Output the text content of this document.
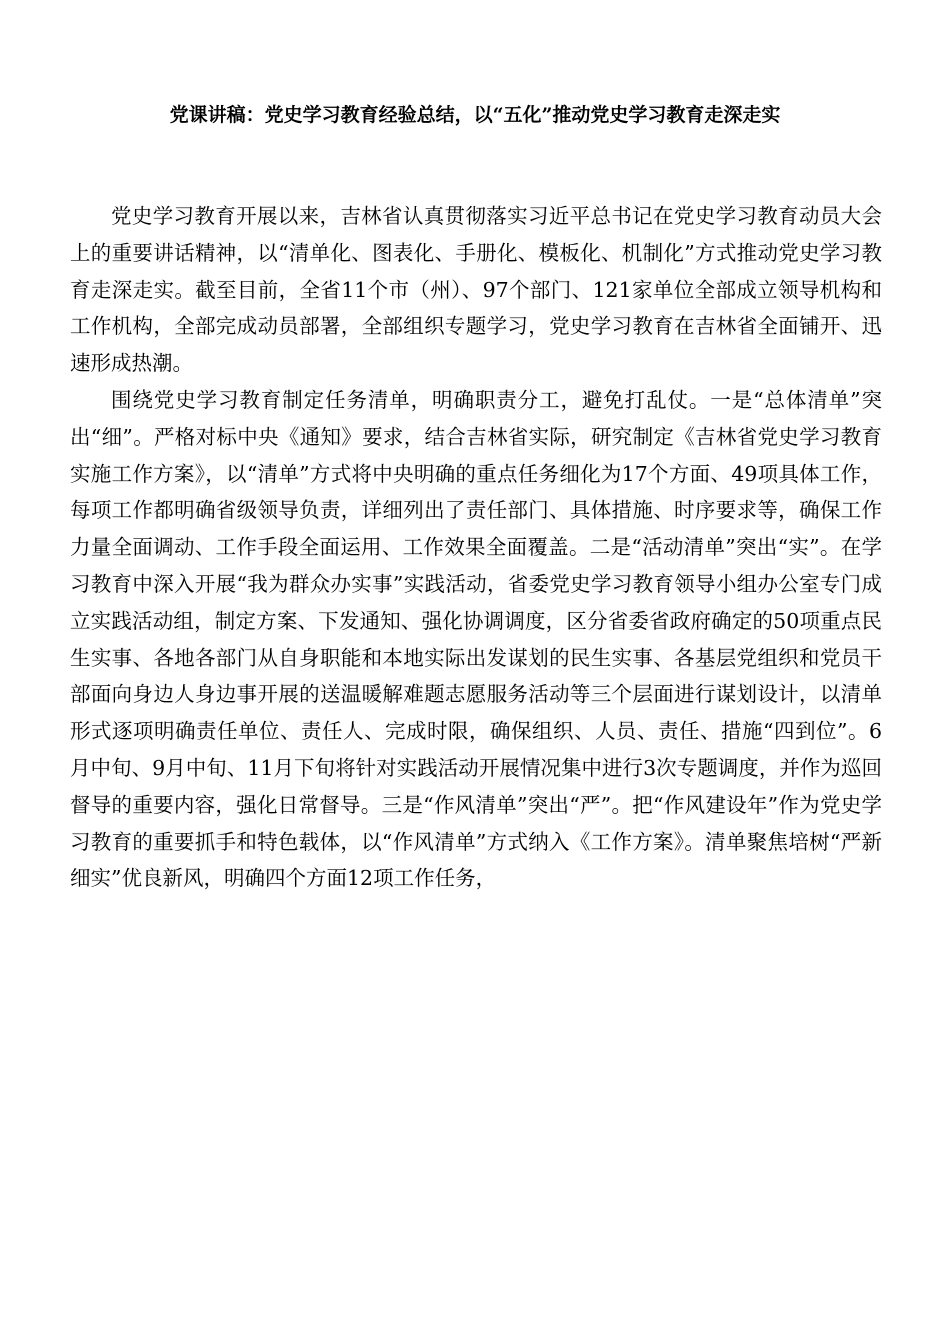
党课讲稿：党史学习教育经验总结，以“五化”推动党史学习教育走深走实

党史学习教育开展以来，吉林省认真贯彻落实习近平总书记在党史学习教育动员大会上的重要讲话精神，以“清单化、图表化、手册化、模板化、机制化”方式推动党史学习教育走深走实。截至目前，全省11个市（州）、97个部门、121家单位全部成立领导机构和工作机构，全部完成动员部署，全部组织专题学习，党史学习教育在吉林省全面铺开、迅速形成热潮。

围绕党史学习教育制定任务清单，明确职责分工，避免打乱仗。一是“总体清单”突出“细”。严格对标中央《通知》要求，结合吉林省实际，研究制定《吉林省党史学习教育实施工作方案》，以“清单”方式将中央明确的重点任务细化为17个方面、49项具体工作，每项工作都明确省级领导负责，详细列出了责任部门、具体措施、时序要求等，确保工作力量全面调动、工作手段全面运用、工作效果全面覆盖。二是“活动清单”突出“实”。在学习教育中深入开展“我为群众办实事”实践活动，省委党史学习教育领导小组办公室专门成立实践活动组，制定方案、下发通知、强化协调调度，区分省委省政府确定的50项重点民生实事、各地各部门从自身职能和本地实际出发谋划的民生实事、各基层党组织和党员干部面向身边人身边事开展的送温暖解难题志愿服务活动等三个层面进行谋划设计，以清单形式逐项明确责任单位、责任人、完成时限，确保组织、人员、责任、措施“四到位”。6月中旬、9月中旬、11月下旬将针对实践活动开展情况集中进行3次专题调度，并作为巡回督导的重要内容，强化日常督导。三是“作风清单”突出“严”。把“作风建设年”作为党史学习教育的重要抓手和特色载体，以“作风清单”方式纳入《工作方案》。清单聚焦培树“严新细实”优良新风，明确四个方面12项工作任务，
